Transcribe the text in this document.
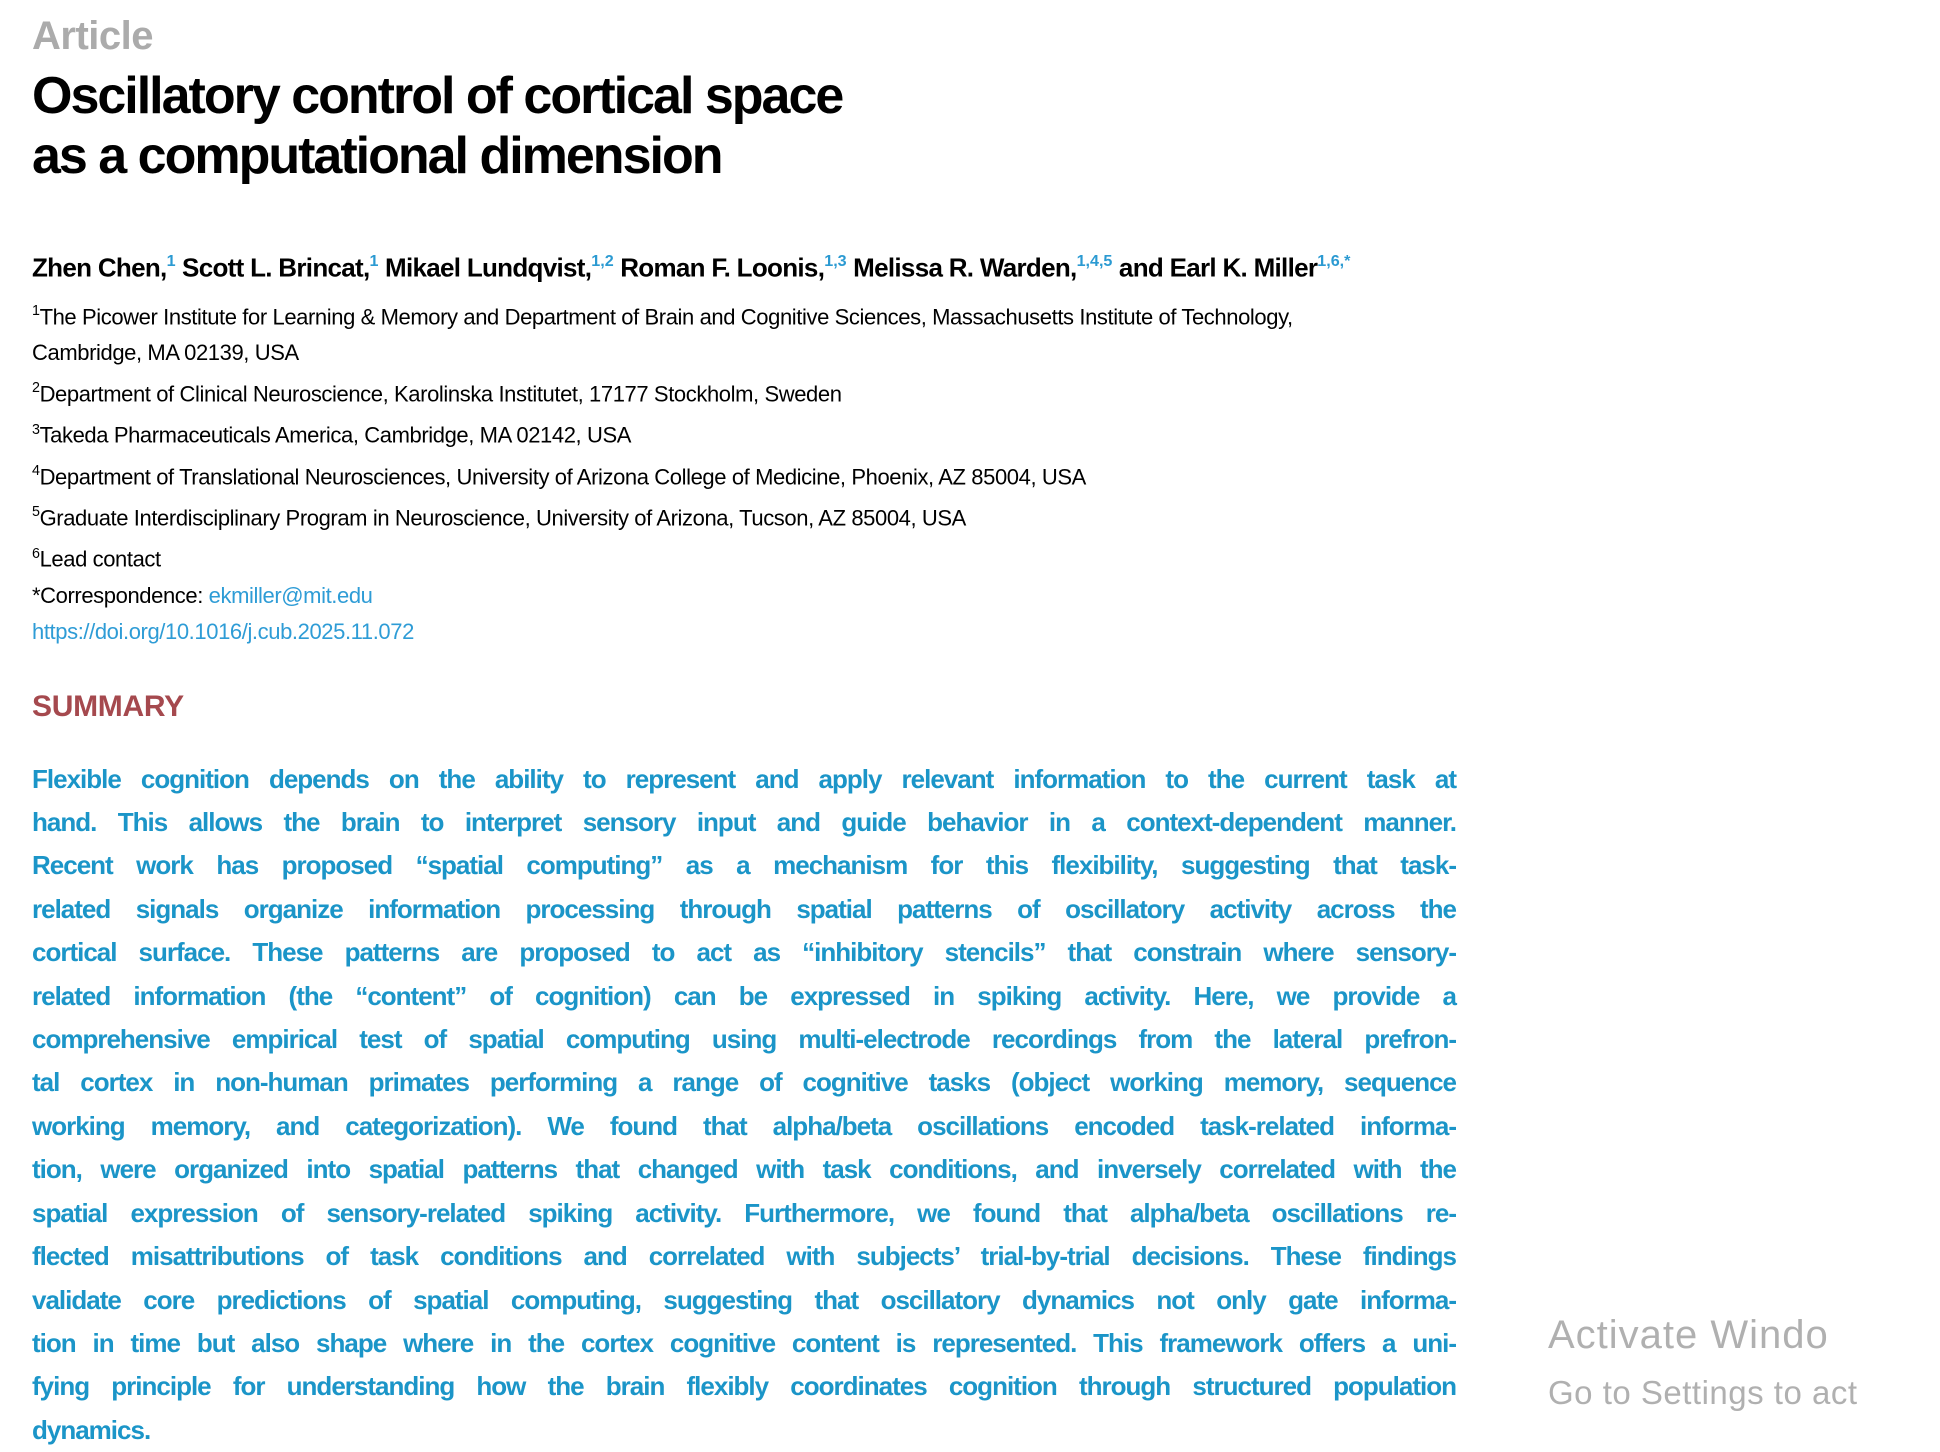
Activate Windo
Go to Settings to act
Article
Oscillatory control of cortical space
as a computational dimension
Zhen Chen,$^1$ Scott L. Brincat,$^1$ Mikael Lundqvist,$^{1,2}$ Roman F. Loonis,$^{1,3}$ Melissa R. Warden,$^{1,4,5}$ and Earl K. Miller$^{1,6,*}$
$^1$The Picower Institute for Learning & Memory and Department of Brain and Cognitive Sciences, Massachusetts Institute of Technology,
Cambridge, MA 02139, USA
$^2$Department of Clinical Neuroscience, Karolinska Institutet, 17177 Stockholm, Sweden
$^3$Takeda Pharmaceuticals America, Cambridge, MA 02142, USA
$^4$Department of Translational Neurosciences, University of Arizona College of Medicine, Phoenix, AZ 85004, USA
$^5$Graduate Interdisciplinary Program in Neuroscience, University of Arizona, Tucson, AZ 85004, USA
$^6$Lead contact
*Correspondence: ekmiller@mit.edu
https://doi.org/10.1016/j.cub.2025.11.072
SUMMARY
Flexible cognition depends on the ability to represent and apply relevant information to the current task at
hand. This allows the brain to interpret sensory input and guide behavior in a context-dependent manner.
Recent work has proposed “spatial computing” as a mechanism for this flexibility, suggesting that task-
related signals organize information processing through spatial patterns of oscillatory activity across the
cortical surface. These patterns are proposed to act as “inhibitory stencils” that constrain where sensory-
related information (the “content” of cognition) can be expressed in spiking activity. Here, we provide a
comprehensive empirical test of spatial computing using multi-electrode recordings from the lateral prefron-
tal cortex in non-human primates performing a range of cognitive tasks (object working memory, sequence
working memory, and categorization). We found that alpha/beta oscillations encoded task-related informa-
tion, were organized into spatial patterns that changed with task conditions, and inversely correlated with the
spatial expression of sensory-related spiking activity. Furthermore, we found that alpha/beta oscillations re-
flected misattributions of task conditions and correlated with subjects’ trial-by-trial decisions. These findings
validate core predictions of spatial computing, suggesting that oscillatory dynamics not only gate informa-
tion in time but also shape where in the cortex cognitive content is represented. This framework offers a uni-
fying principle for understanding how the brain flexibly coordinates cognition through structured population
dynamics.
